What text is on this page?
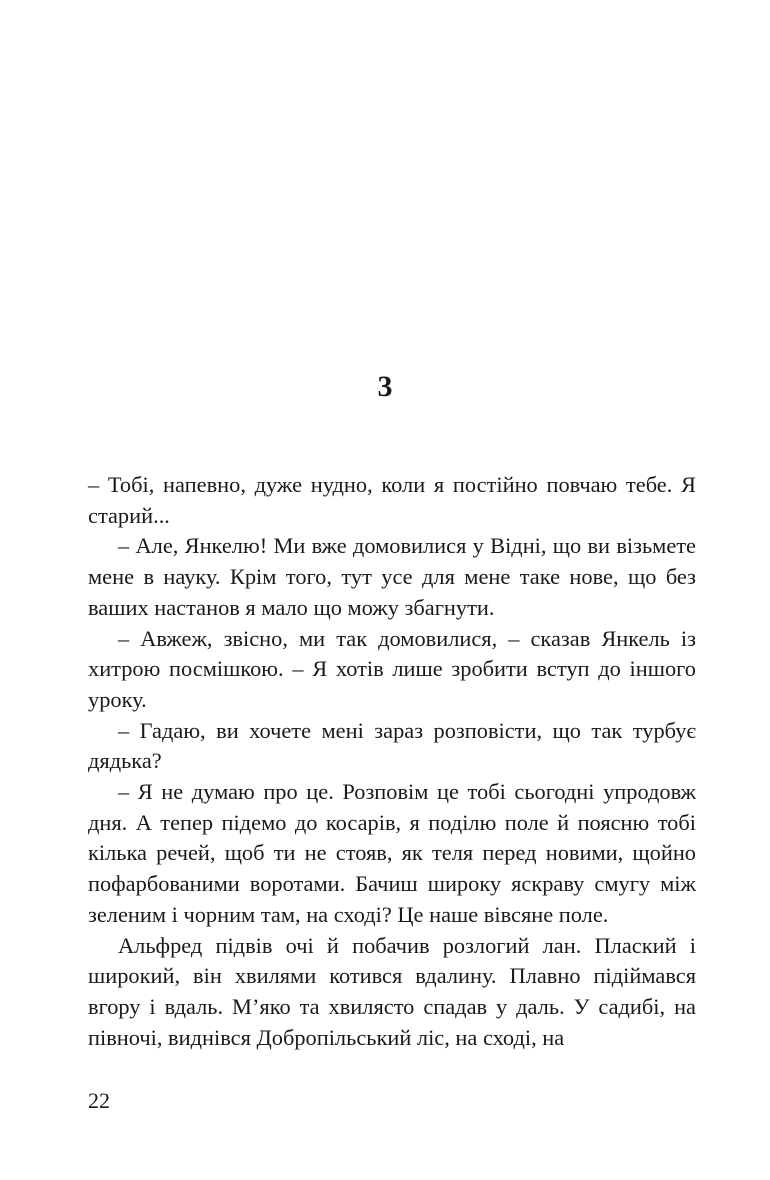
3

– Тобі, напевно, дуже нудно, коли я постійно повчаю тебе. Я старий...

– Але, Янкелю! Ми вже домовилися у Відні, що ви візьмете мене в науку. Крім того, тут усе для мене таке нове, що без ваших настанов я мало що можу збагнути.

– Авжеж, звісно, ми так домовилися, – сказав Янкель із хитрою посмішкою. – Я хотів лише зробити вступ до іншого уроку.

– Гадаю, ви хочете мені зараз розповісти, що так турбує дядька?

– Я не думаю про це. Розповім це тобі сьогодні упродовж дня. А тепер підемо до косарів, я поділю поле й поясню тобі кілька речей, щоб ти не стояв, як теля перед новими, щойно пофарбованими воротами. Бачиш широку яскраву смугу між зеленим і чорним там, на сході? Це наше вівсяне поле.

Альфред підвів очі й побачив розлогий лан. Плаский і широкий, він хвилями котився вдалину. Плавно підіймався вгору і вдаль. М’яко та хвилясто спадав у даль. У садибі, на півночі, виднівся Добропільський ліс, на сході, на

22
